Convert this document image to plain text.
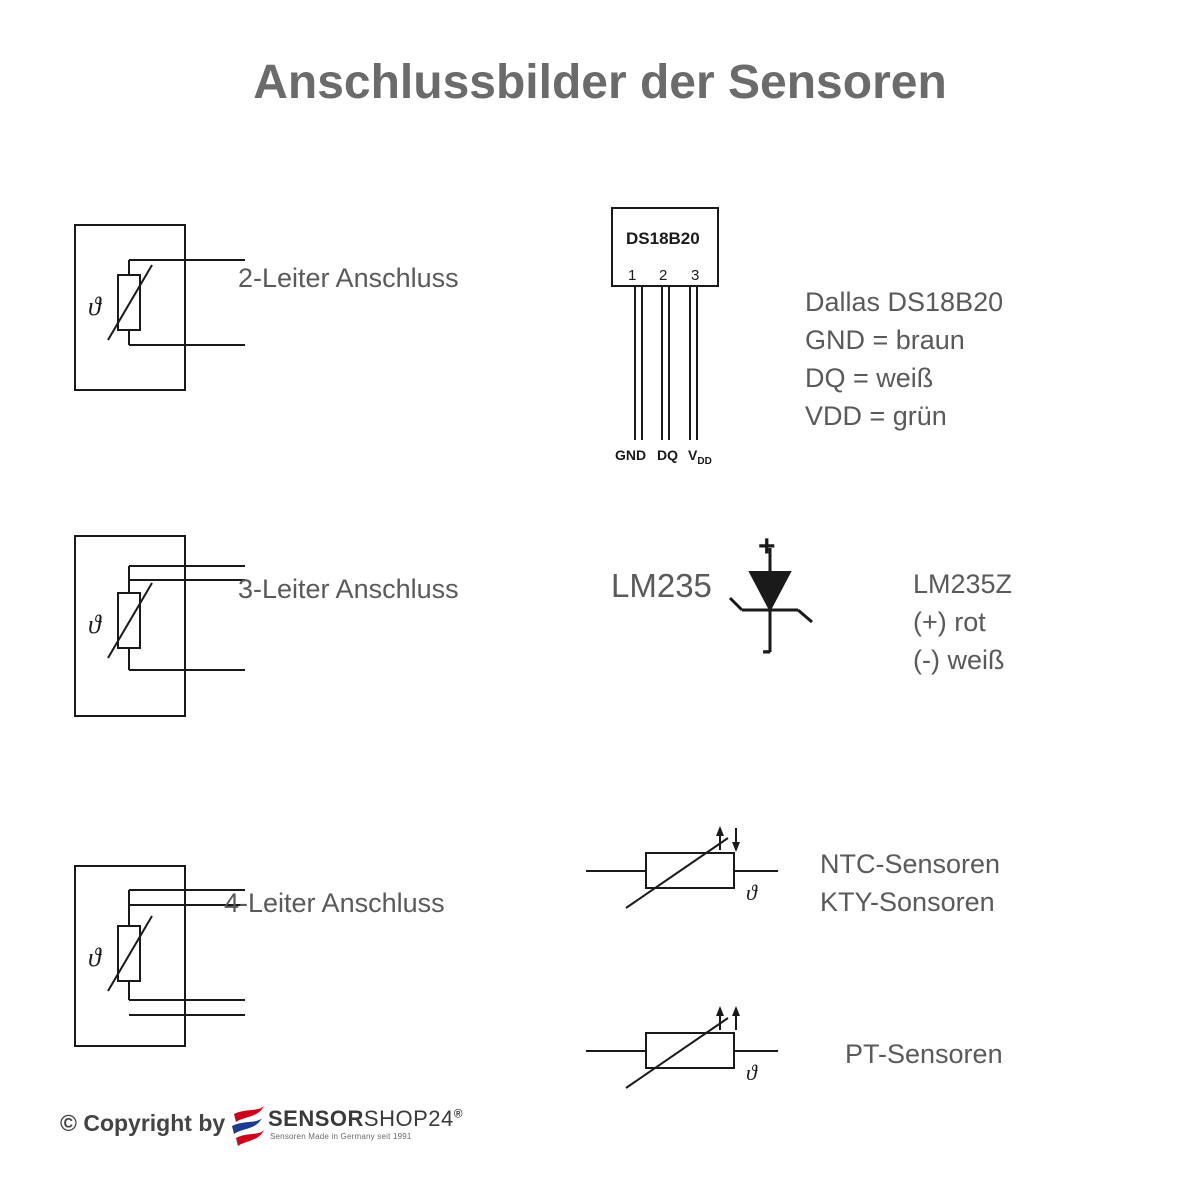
Anschlussbilder der Sensoren
ϑ
2-Leiter Anschluss
ϑ
3-Leiter Anschluss
ϑ
4-Leiter Anschluss
DS18B20
1 2 3
GND DQ $V_{DD}$
Dallas DS18B20
GND = braun
DQ = weiß
VDD = grün
LM235
+
-
LM235Z
(+) rot
(-) weiß
ϑ
NTC-Sensoren
KTY-Sonsoren
ϑ
PT-Sensoren
© Copyright by SENSORSHOP24®
Sensoren Made in Germany seit 1991
